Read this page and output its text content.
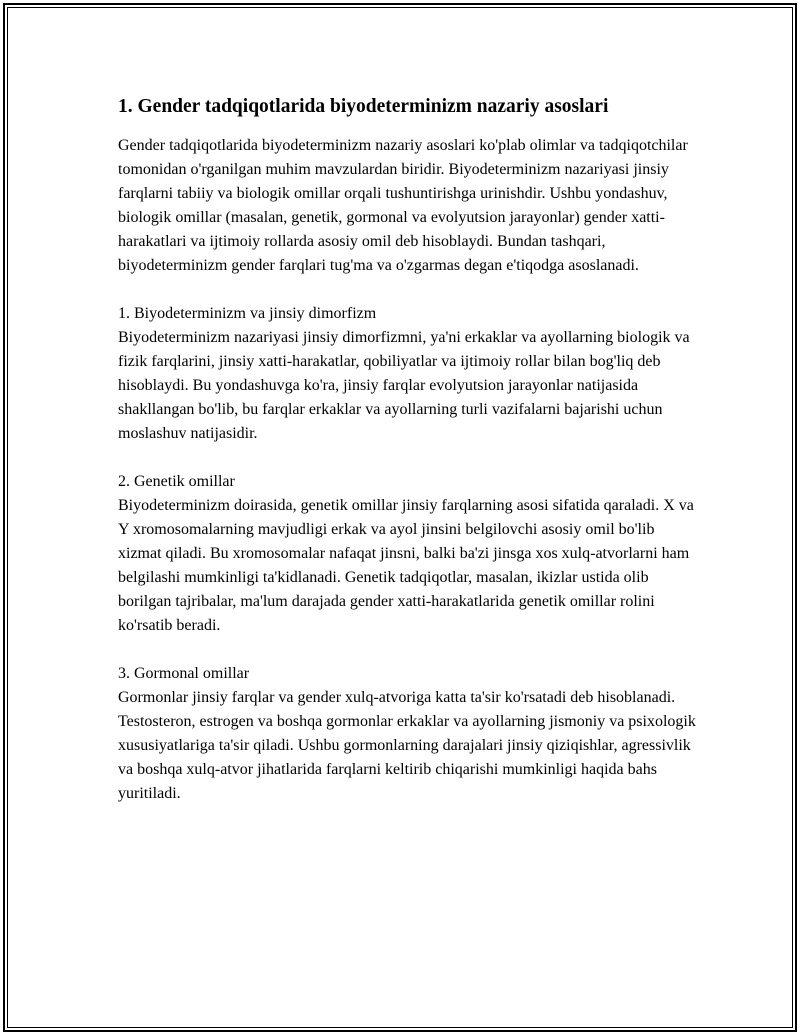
1. Gender tadqiqotlarida biyodeterminizm nazariy asoslari

Gender tadqiqotlarida biyodeterminizm nazariy asoslari ko'plab olimlar va tadqiqotchilar tomonidan o'rganilgan muhim mavzulardan biridir. Biyodeterminizm nazariyasi jinsiy farqlarni tabiiy va biologik omillar orqali tushuntirishga urinishdir. Ushbu yondashuv, biologik omillar (masalan, genetik, gormonal va evolyutsion jarayonlar) gender xatti-harakatlari va ijtimoiy rollarda asosiy omil deb hisoblaydi. Bundan tashqari, biyodeterminizm gender farqlari tug'ma va o'zgarmas degan e'tiqodga asoslanadi.

1. Biyodeterminizm va jinsiy dimorfizm

Biyodeterminizm nazariyasi jinsiy dimorfizmni, ya'ni erkaklar va ayollarning biologik va fizik farqlarini, jinsiy xatti-harakatlar, qobiliyatlar va ijtimoiy rollar bilan bog'liq deb hisoblaydi. Bu yondashuvga ko'ra, jinsiy farqlar evolyutsion jarayonlar natijasida shakllangan bo'lib, bu farqlar erkaklar va ayollarning turli vazifalarni bajarishi uchun moslashuv natijasidir.

2. Genetik omillar

Biyodeterminizm doirasida, genetik omillar jinsiy farqlarning asosi sifatida qaraladi. X va Y xromosomalarning mavjudligi erkak va ayol jinsini belgilovchi asosiy omil bo'lib xizmat qiladi. Bu xromosomalar nafaqat jinsni, balki ba'zi jinsga xos xulq-atvorlarni ham belgilashi mumkinligi ta'kidlanadi. Genetik tadqiqotlar, masalan, ikizlar ustida olib borilgan tajribalar, ma'lum darajada gender xatti-harakatlarida genetik omillar rolini ko'rsatib beradi.

3. Gormonal omillar

Gormonlar jinsiy farqlar va gender xulq-atvoriga katta ta'sir ko'rsatadi deb hisoblanadi. Testosteron, estrogen va boshqa gormonlar erkaklar va ayollarning jismoniy va psixologik xususiyatlariga ta'sir qiladi. Ushbu gormonlarning darajalari jinsiy qiziqishlar, agressivlik va boshqa xulq-atvor jihatlarida farqlarni keltirib chiqarishi mumkinligi haqida bahs yuritiladi.
